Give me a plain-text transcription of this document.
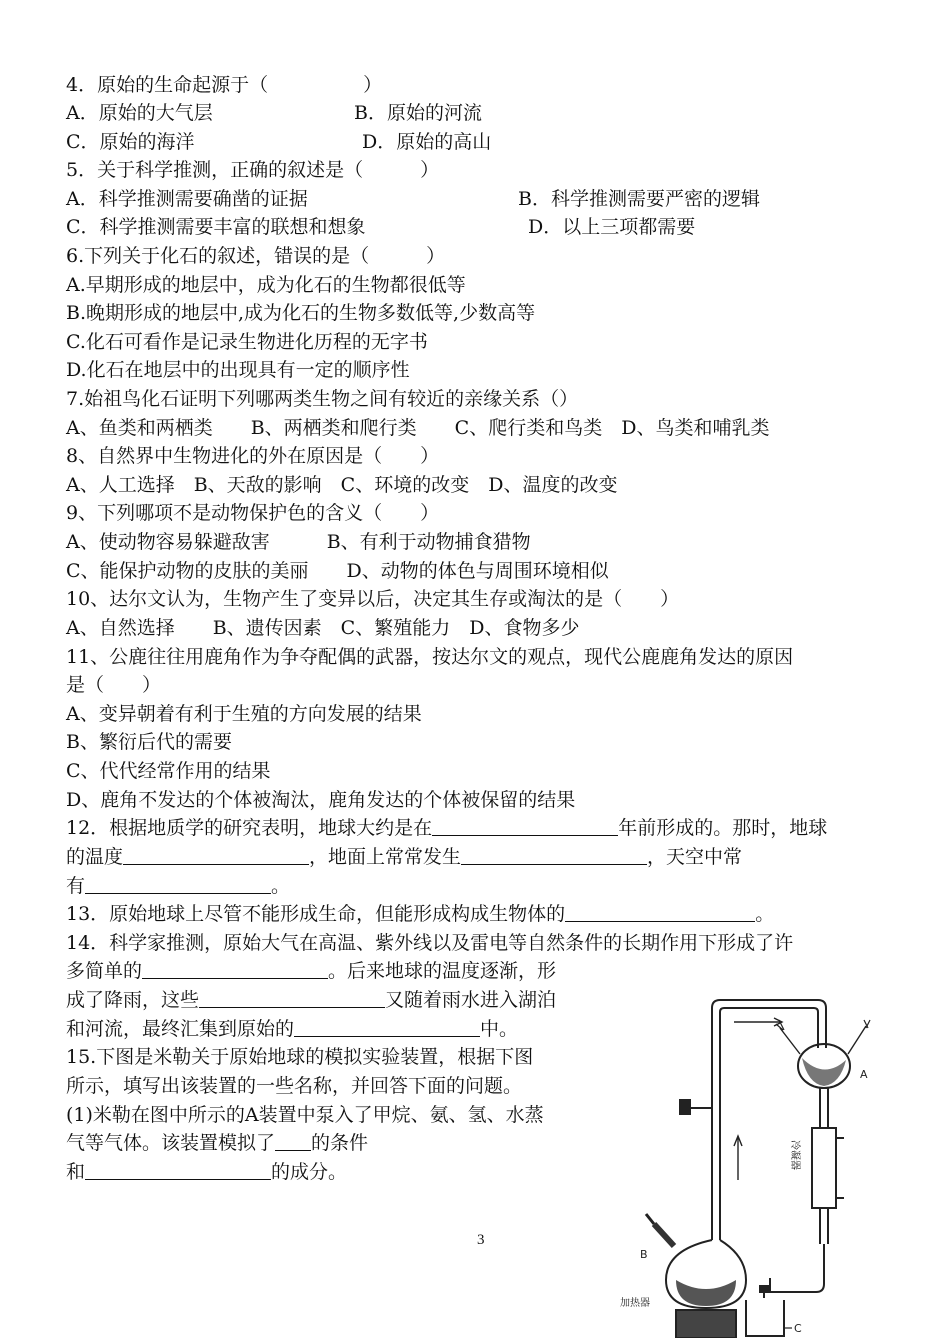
4．原始的生命起源于（　　　　　）
A．原始的大气层	B．原始的河流
C．原始的海洋	D．原始的高山
5．关于科学推测，正确的叙述是（　　　）
A．科学推测需要确凿的证据	B．科学推测需要严密的逻辑
C．科学推测需要丰富的联想和想象	D．以上三项都需要
6.下列关于化石的叙述，错误的是（　　　）
A.早期形成的地层中，成为化石的生物都很低等
B.晚期形成的地层中,成为化石的生物多数低等,少数高等
C.化石可看作是记录生物进化历程的无字书
D.化石在地层中的出现具有一定的顺序性
7.始祖鸟化石证明下列哪两类生物之间有较近的亲缘关系（）
A、鱼类和两栖类　　B、两栖类和爬行类　　C、爬行类和鸟类　D、鸟类和哺乳类
8、自然界中生物进化的外在原因是（　　）
A、人工选择　B、天敌的影响　C、环境的改变　D、温度的改变
9、下列哪项不是动物保护色的含义（　　）
A、使动物容易躲避敌害　　　B、有利于动物捕食猎物
C、能保护动物的皮肤的美丽　　D、动物的体色与周围环境相似
10、达尔文认为，生物产生了变异以后，决定其生存或淘汰的是（　　）
A、自然选择　　B、遗传因素　C、繁殖能力　D、食物多少
11、公鹿往往用鹿角作为争夺配偶的武器，按达尔文的观点，现代公鹿鹿角发达的原因
是（　　）
A、变异朝着有利于生殖的方向发展的结果
B、繁衍后代的需要
C、代代经常作用的结果
D、鹿角不发达的个体被淘汰，鹿角发达的个体被保留的结果
12．根据地质学的研究表明，地球大约是在	年前形成的。那时，地球
的温度	，地面上常常发生	，天空中常
有	。
13．原始地球上尽管不能形成生命，但能形成构成生物体的	。
14．科学家推测，原始大气在高温、紫外线以及雷电等自然条件的长期作用下形成了许
多简单的	。后来地球的温度逐渐，形
成了降雨，这些	又随着雨水进入湖泊
和河流，最终汇集到原始的	中。
15.下图是米勒关于原始地球的模拟实验装置，根据下图
所示，填写出该装置的一些名称，并回答下面的问题。
(1)米勒在图中所示的A装置中泵入了甲烷、氨、氢、水蒸
气等气体。该装置模拟了 的条件
和	的成分。
3
A
B
C
加热器
冷凝器
